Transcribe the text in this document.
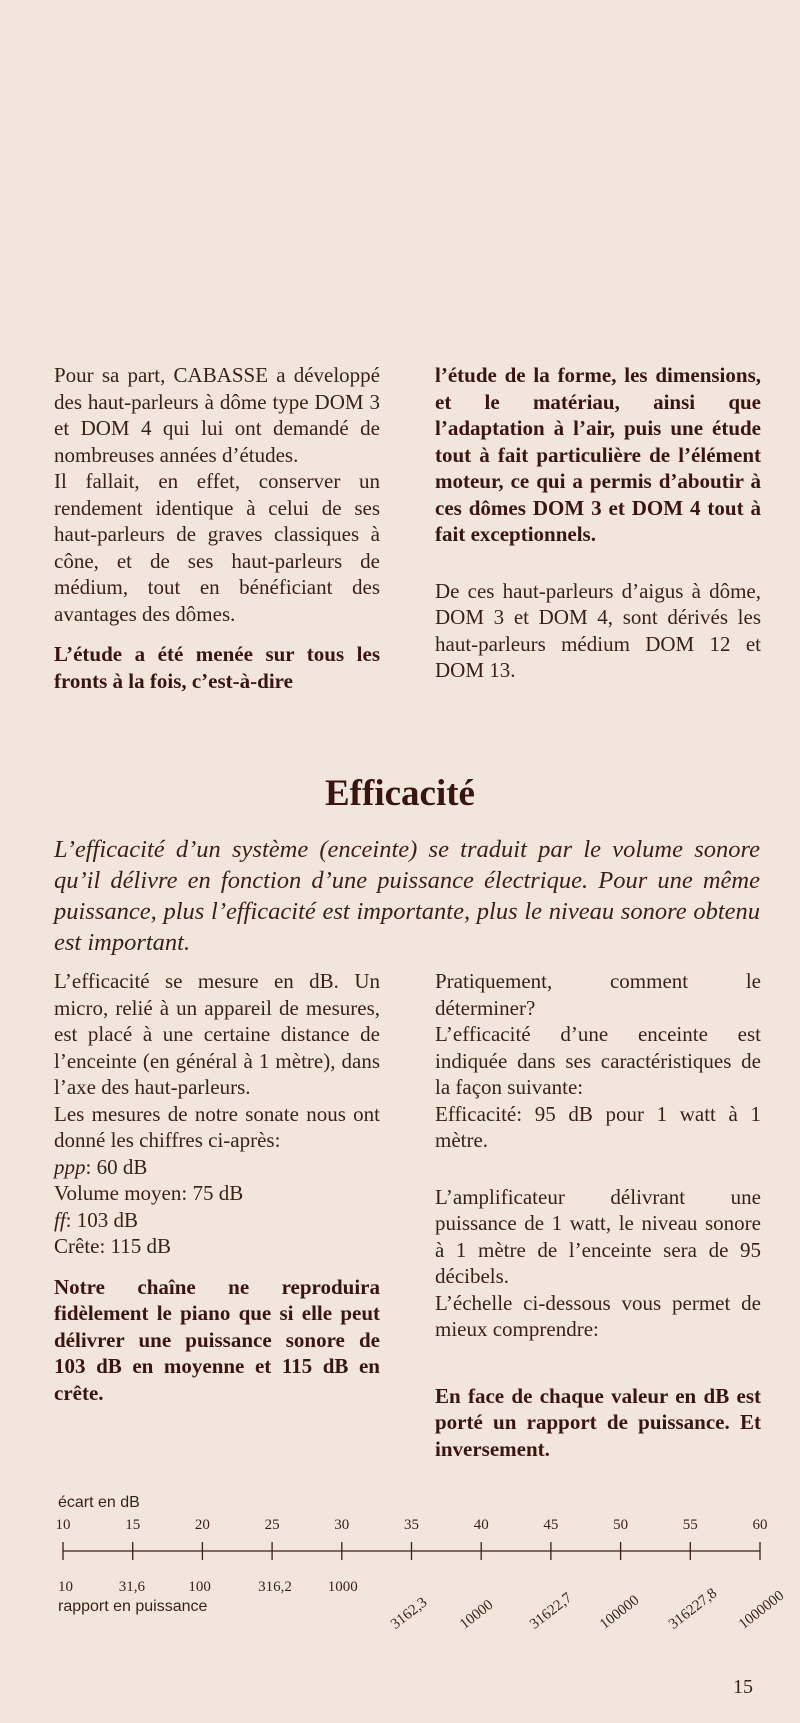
Pour sa part, CABASSE a développé des haut-parleurs à dôme type DOM 3 et DOM 4 qui lui ont demandé de nombreuses années d’études.

Il fallait, en effet, conserver un rendement identique à celui de ses haut-parleurs de graves classiques à cône, et de ses haut-parleurs de médium, tout en bénéficiant des avantages des dômes.

L’étude a été menée sur tous les fronts à la fois, c’est-à-dire

l’étude de la forme, les dimensions, et le matériau, ainsi que l’adaptation à l’air, puis une étude tout à fait particulière de l’élément moteur, ce qui a permis d’aboutir à ces dômes DOM 3 et DOM 4 tout à fait exceptionnels.

De ces haut-parleurs d’aigus à dôme, DOM 3 et DOM 4, sont dérivés les haut-parleurs médium DOM 12 et DOM 13.

Efficacité
L’efficacité d’un système (enceinte) se traduit par le volume sonore qu’il délivre en fonction d’une puissance électrique. Pour une même puissance, plus l’efficacité est importante, plus le niveau sonore obtenu est important.

L’efficacité se mesure en dB. Un micro, relié à un appareil de mesures, est placé à une certaine distance de l’enceinte (en général à 1 mètre), dans l’axe des haut-parleurs.

Les mesures de notre sonate nous ont donné les chiffres ci-après:

ppp: 60 dB

Volume moyen: 75 dB

ff: 103 dB

Crête: 115 dB

Notre chaîne ne reproduira fidèlement le piano que si elle peut délivrer une puissance sonore de 103 dB en moyenne et 115 dB en crête.

Pratiquement, comment le déterminer?

L’efficacité d’une enceinte est indiquée dans ses caractéristiques de la façon suivante:

Efficacité: 95 dB pour 1 watt à 1 mètre.

L’amplificateur délivrant une puissance de 1 watt, le niveau sonore à 1 mètre de l’enceinte sera de 95 décibels.

L’échelle ci-dessous vous permet de mieux comprendre:

En face de chaque valeur en dB est porté un rapport de puissance. Et inversement.

écart en dB
10	15	20	25	30	35	40	45	50	55	60
10	31,6	100	316,2 1000
3162,3 10000 31622,7 100000 316227,8 1000000
rapport en puissance
15
